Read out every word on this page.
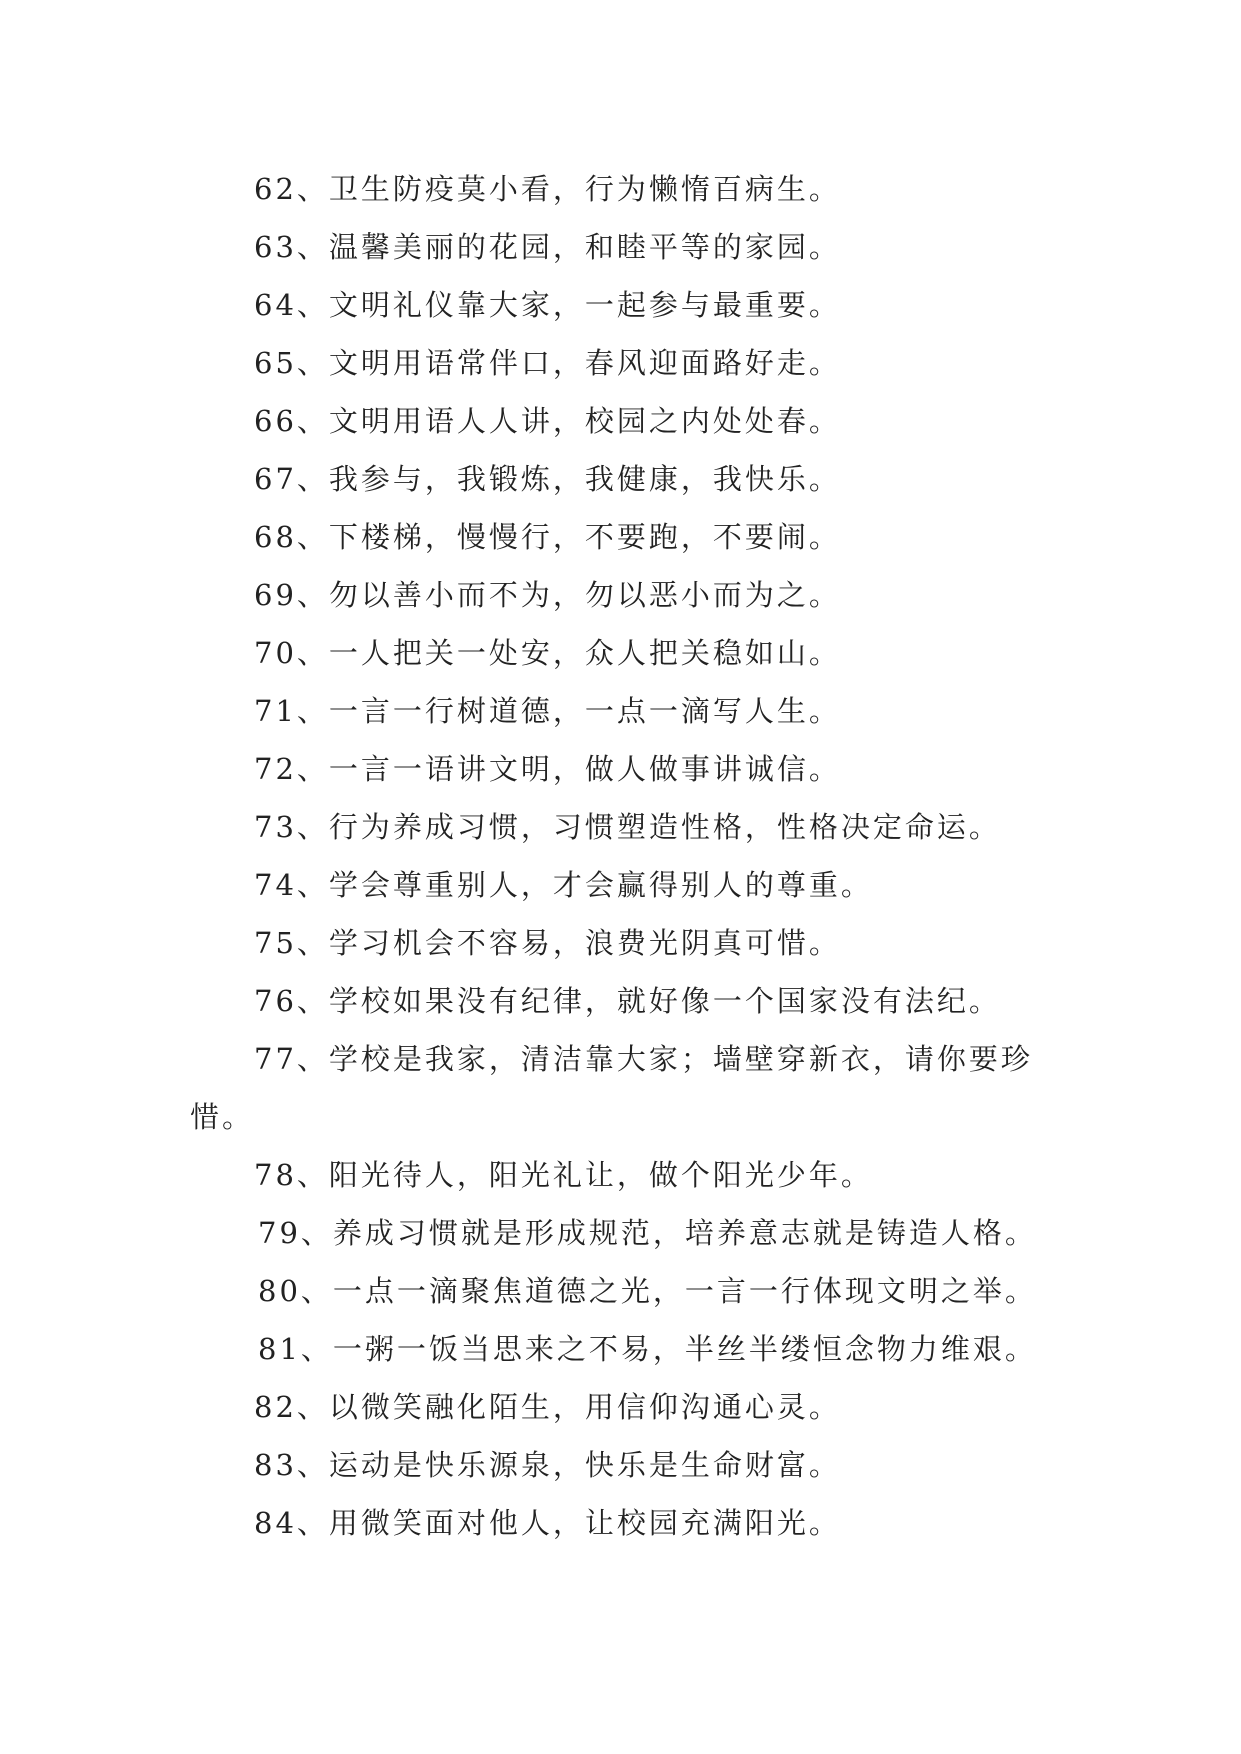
62、卫生防疫莫小看，行为懒惰百病生。
63、温馨美丽的花园，和睦平等的家园。
64、文明礼仪靠大家，一起参与最重要。
65、文明用语常伴口，春风迎面路好走。
66、文明用语人人讲，校园之内处处春。
67、我参与，我锻炼，我健康，我快乐。
68、下楼梯，慢慢行，不要跑，不要闹。
69、勿以善小而不为，勿以恶小而为之。
70、一人把关一处安，众人把关稳如山。
71、一言一行树道德，一点一滴写人生。
72、一言一语讲文明，做人做事讲诚信。
73、行为养成习惯，习惯塑造性格，性格决定命运。
74、学会尊重别人，才会赢得别人的尊重。
75、学习机会不容易，浪费光阴真可惜。
76、学校如果没有纪律，就好像一个国家没有法纪。
77、学校是我家，清洁靠大家；墙壁穿新衣，请你要珍
惜。
78、阳光待人，阳光礼让，做个阳光少年。
79、养成习惯就是形成规范，培养意志就是铸造人格。
80、一点一滴聚焦道德之光，一言一行体现文明之举。
81、一粥一饭当思来之不易，半丝半缕恒念物力维艰。
82、以微笑融化陌生，用信仰沟通心灵。
83、运动是快乐源泉，快乐是生命财富。
84、用微笑面对他人，让校园充满阳光。
